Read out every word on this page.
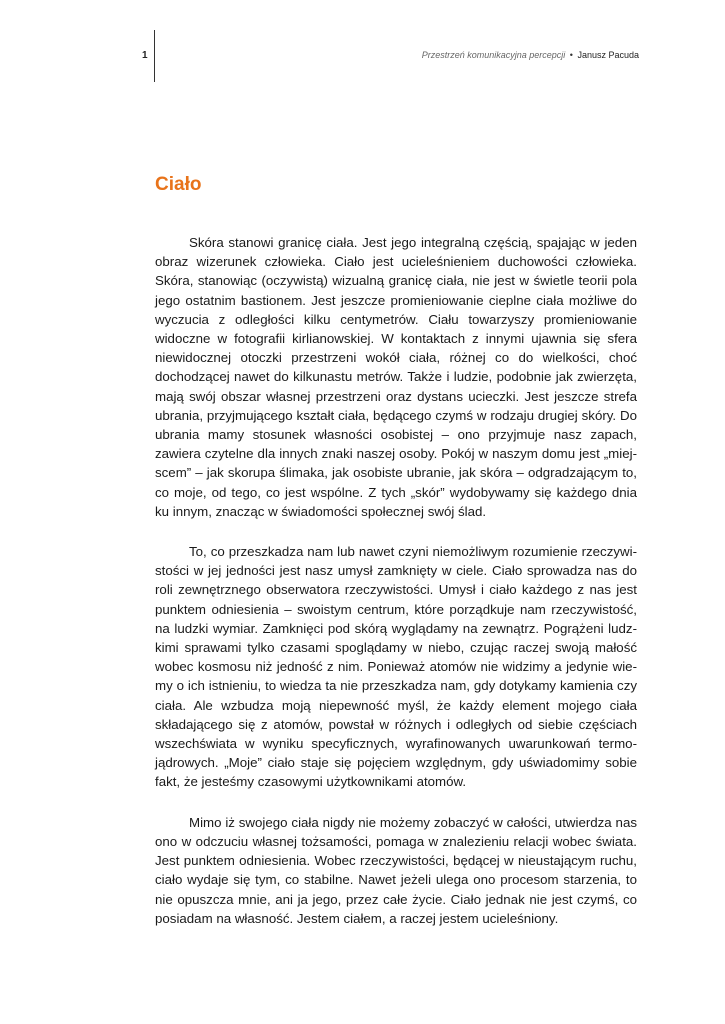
1	Przestrzeń komunikacyjna percepcji • Janusz Pacuda
Ciało

Skóra stanowi granicę ciała. Jest jego integralną częścią, spajając w jeden obraz wizerunek człowieka. Ciało jest ucieleśnieniem duchowości człowieka. Skóra, stanowiąc (oczywistą) wizualną granicę ciała, nie jest w świetle teorii pola jego ostatnim bastionem. Jest jeszcze promieniowanie cieplne ciała możliwe do wyczucia z odległości kilku centymetrów. Ciału towarzyszy promieniowanie widoczne w fotografii kirlianowskiej. W kontaktach z innymi ujawnia się sfera niewidocznej otoczki przestrzeni wokół ciała, różnej co do wielkości, choć dochodzącej nawet do kilkunastu metrów. Także i ludzie, podobnie jak zwierzęta, mają swój obszar własnej przestrzeni oraz dystans ucieczki. Jest jeszcze strefa ubrania, przyjmującego kształt ciała, będącego czymś w rodzaju drugiej skóry. Do ubrania mamy stosunek własności osobistej – ono przyjmuje nasz zapach, zawiera czytelne dla innych znaki naszej osoby. Pokój w naszym domu jest „miejscem” – jak skorupa ślimaka, jak osobiste ubranie, jak skóra – odgradzającym to, co moje, od tego, co jest wspólne. Z tych „skór” wydobywamy się każdego dnia ku innym, znacząc w świadomości społecznej swój ślad.

To, co przeszkadza nam lub nawet czyni niemożliwym rozumienie rzeczywistości w jej jedności jest nasz umysł zamknięty w ciele. Ciało sprowadza nas do roli zewnętrznego obserwatora rzeczywistości. Umysł i ciało każdego z nas jest punktem odniesienia – swoistym centrum, które porządkuje nam rzeczywistość, na ludzki wymiar. Zamknięci pod skórą wyglądamy na zewnątrz. Pogrążeni ludzkimi sprawami tylko czasami spoglądamy w niebo, czując raczej swoją małość wobec kosmosu niż jedność z nim. Ponieważ atomów nie widzimy a jedynie wiemy o ich istnieniu, to wiedza ta nie przeszkadza nam, gdy dotykamy kamienia czy ciała. Ale wzbudza moją niepewność myśl, że każdy element mojego ciała składającego się z atomów, powstał w różnych i odległych od siebie częściach wszechświata w wyniku specyficznych, wyrafinowanych uwarunkowań termojądrowych. „Moje” ciało staje się pojęciem względnym, gdy uświadomimy sobie fakt, że jesteśmy czasowymi użytkownikami atomów.

Mimo iż swojego ciała nigdy nie możemy zobaczyć w całości, utwierdza nas ono w odczuciu własnej tożsamości, pomaga w znalezieniu relacji wobec świata. Jest punktem odniesienia. Wobec rzeczywistości, będącej w nieustającym ruchu, ciało wydaje się tym, co stabilne. Nawet jeżeli ulega ono procesom starzenia, to nie opuszcza mnie, ani ja jego, przez całe życie. Ciało jednak nie jest czymś, co posiadam na własność. Jestem ciałem, a raczej jestem ucieleśniony.
